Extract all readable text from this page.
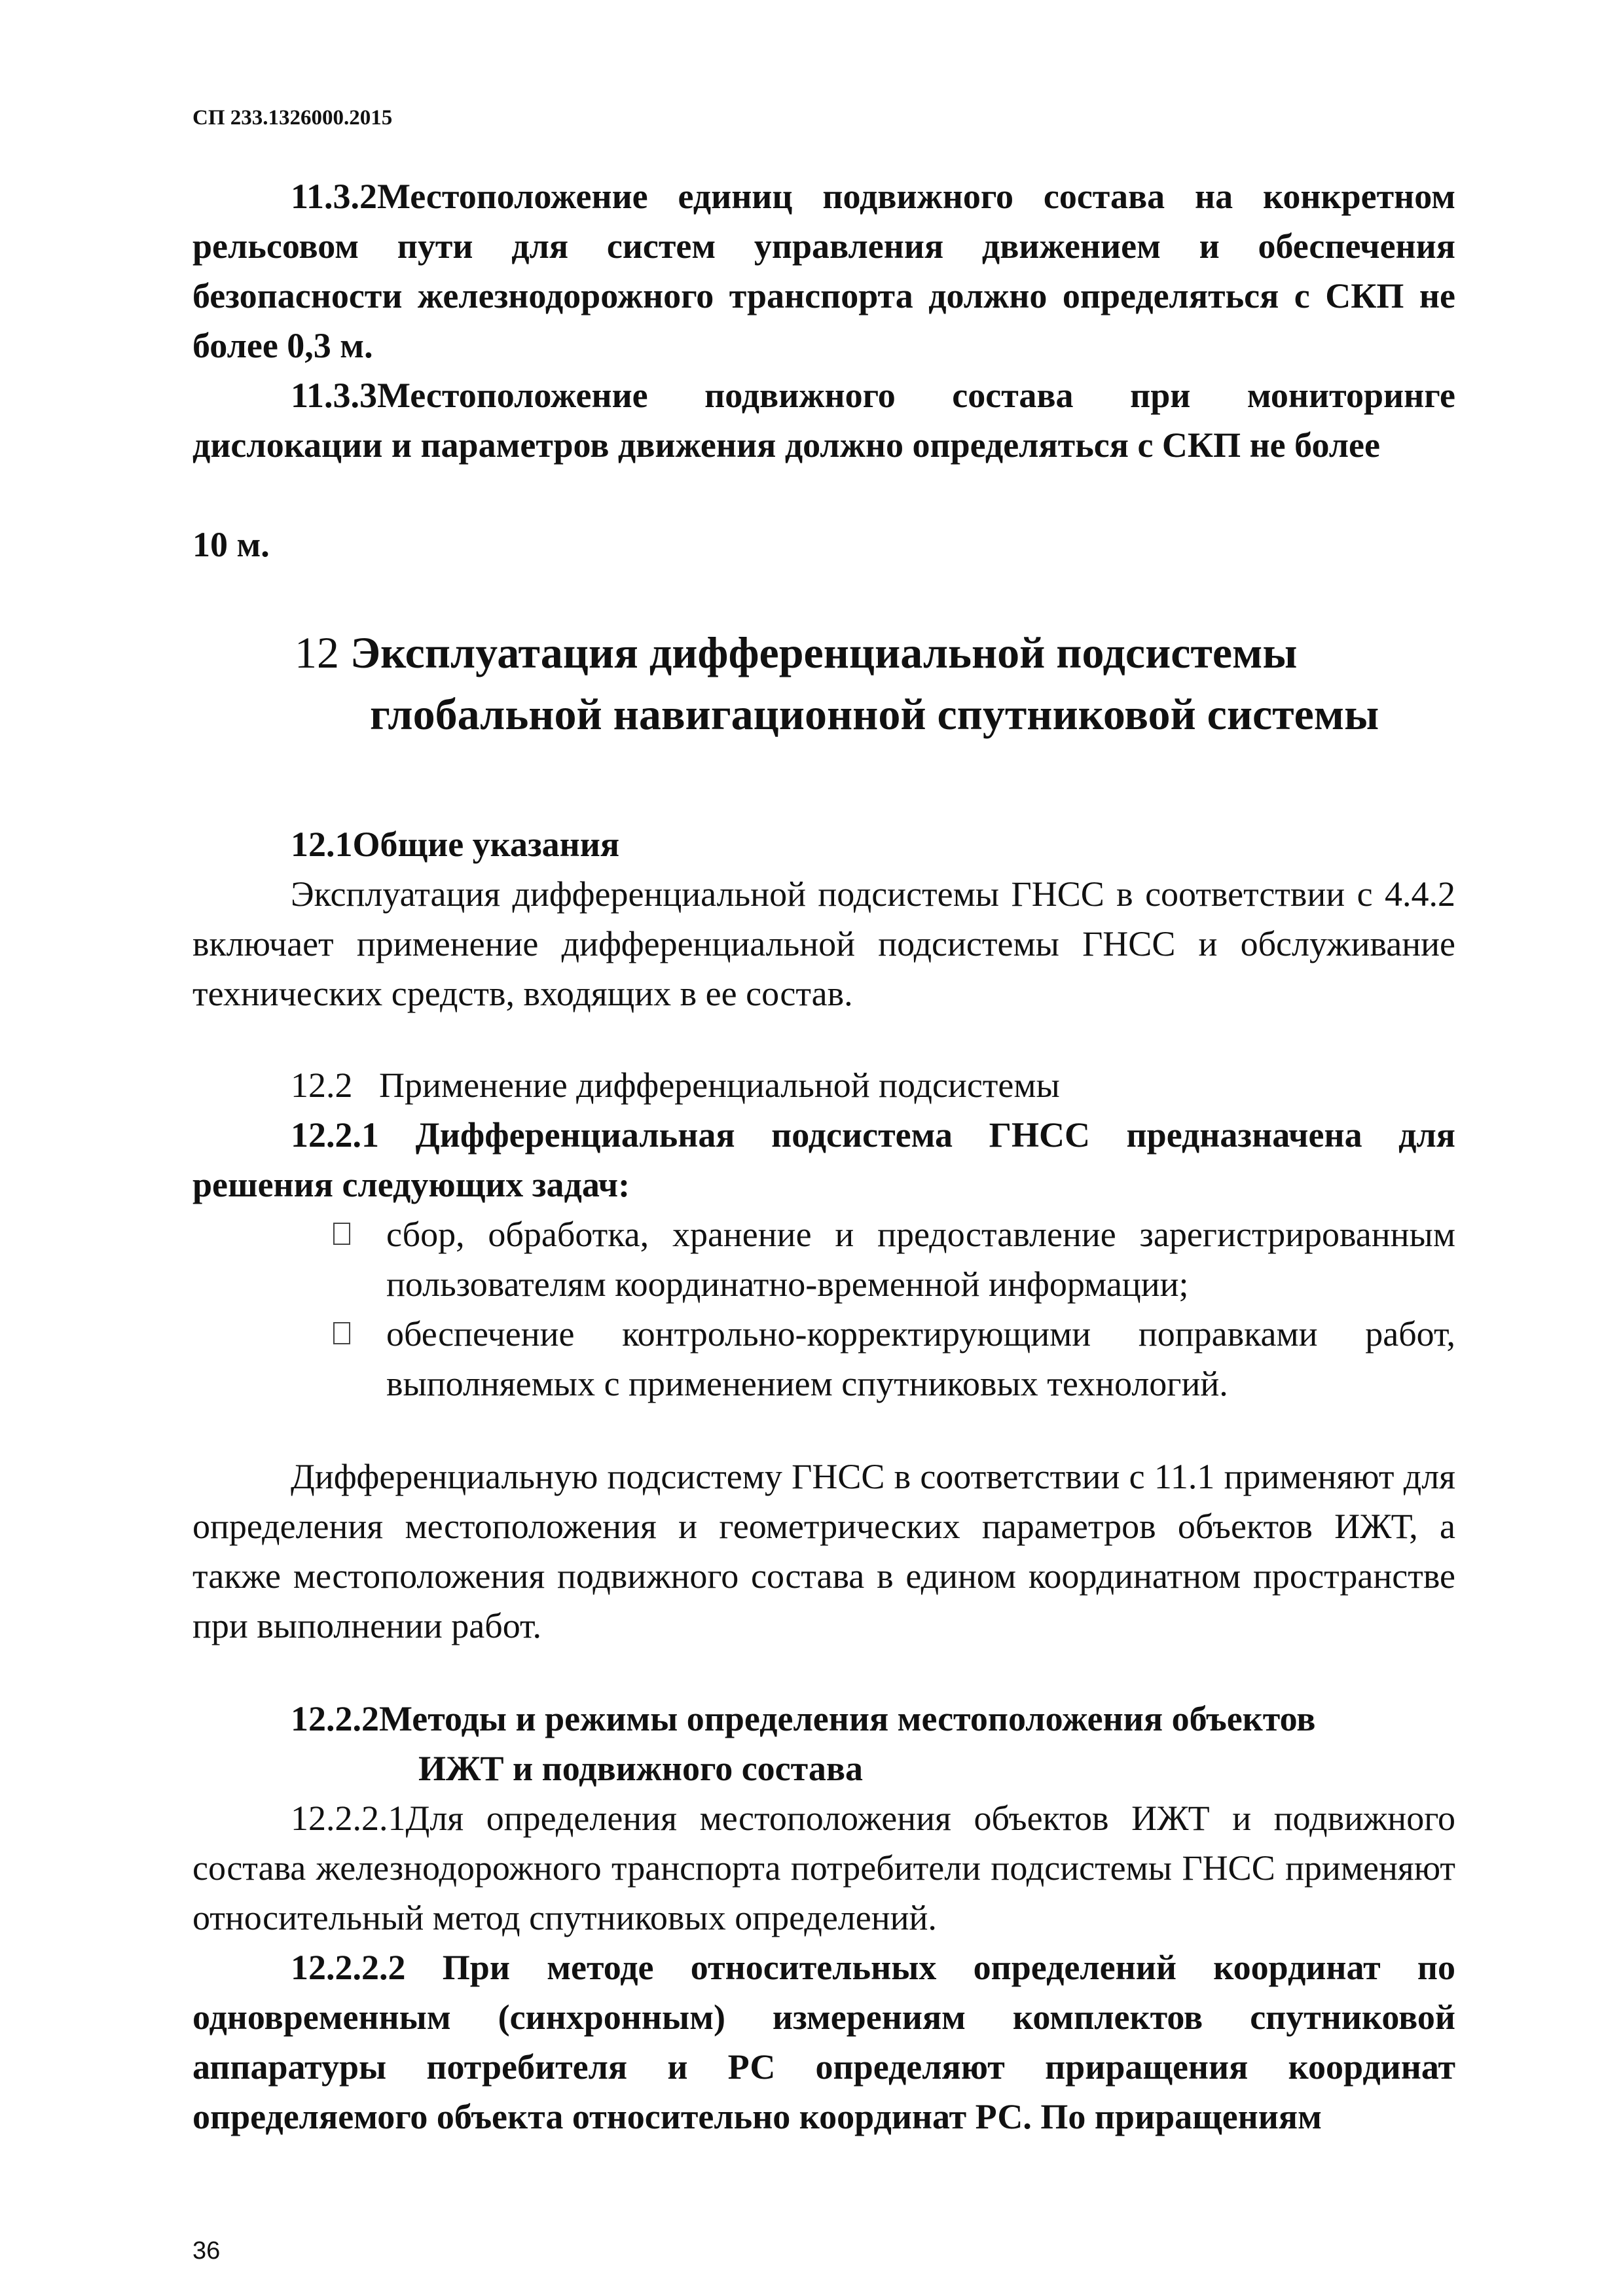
СП 233.1326000.2015
11.3.2Местоположение единиц подвижного состава на конкретном рельсовом пути для систем управления движением и обеспечения безопасности железнодорожного транспорта должно определяться с СКП не более 0,3 м.
11.3.3Местоположение подвижного состава при мониторинге дислокации и параметров движения должно определяться с СКП не более
10 м.
12 Эксплуатация дифференциальной подсистемы
глобальной навигационной спутниковой системы
12.1Общие указания
Эксплуатация дифференциальной подсистемы ГНСС в соответствии с 4.4.2 включает применение дифференциальной подсистемы ГНСС и обслуживание технических средств, входящих в ее состав.
12.2 Применение дифференциальной подсистемы
12.2.1 Дифференциальная подсистема ГНСС предназначена для решения следующих задач:
сбор, обработка, хранение и предоставление зарегистрированным пользователям координатно-временной информации;
обеспечение контрольно-корректирующими поправками работ, выполняемых с применением спутниковых технологий.
Дифференциальную подсистему ГНСС в соответствии с 11.1 применяют для определения местоположения и геометрических параметров объектов ИЖТ, а также местоположения подвижного состава в едином координатном пространстве при выполнении работ.
12.2.2Методы и режимы определения местоположения объектов
ИЖТ и подвижного состава
12.2.2.1Для определения местоположения объектов ИЖТ и подвижного состава железнодорожного транспорта потребители подсистемы ГНСС применяют относительный метод спутниковых определений.
12.2.2.2 При методе относительных определений координат по одновременным (синхронным) измерениям комплектов спутниковой аппаратуры потребителя и РС определяют приращения координат определяемого объекта относительно координат РС. По приращениям
36
